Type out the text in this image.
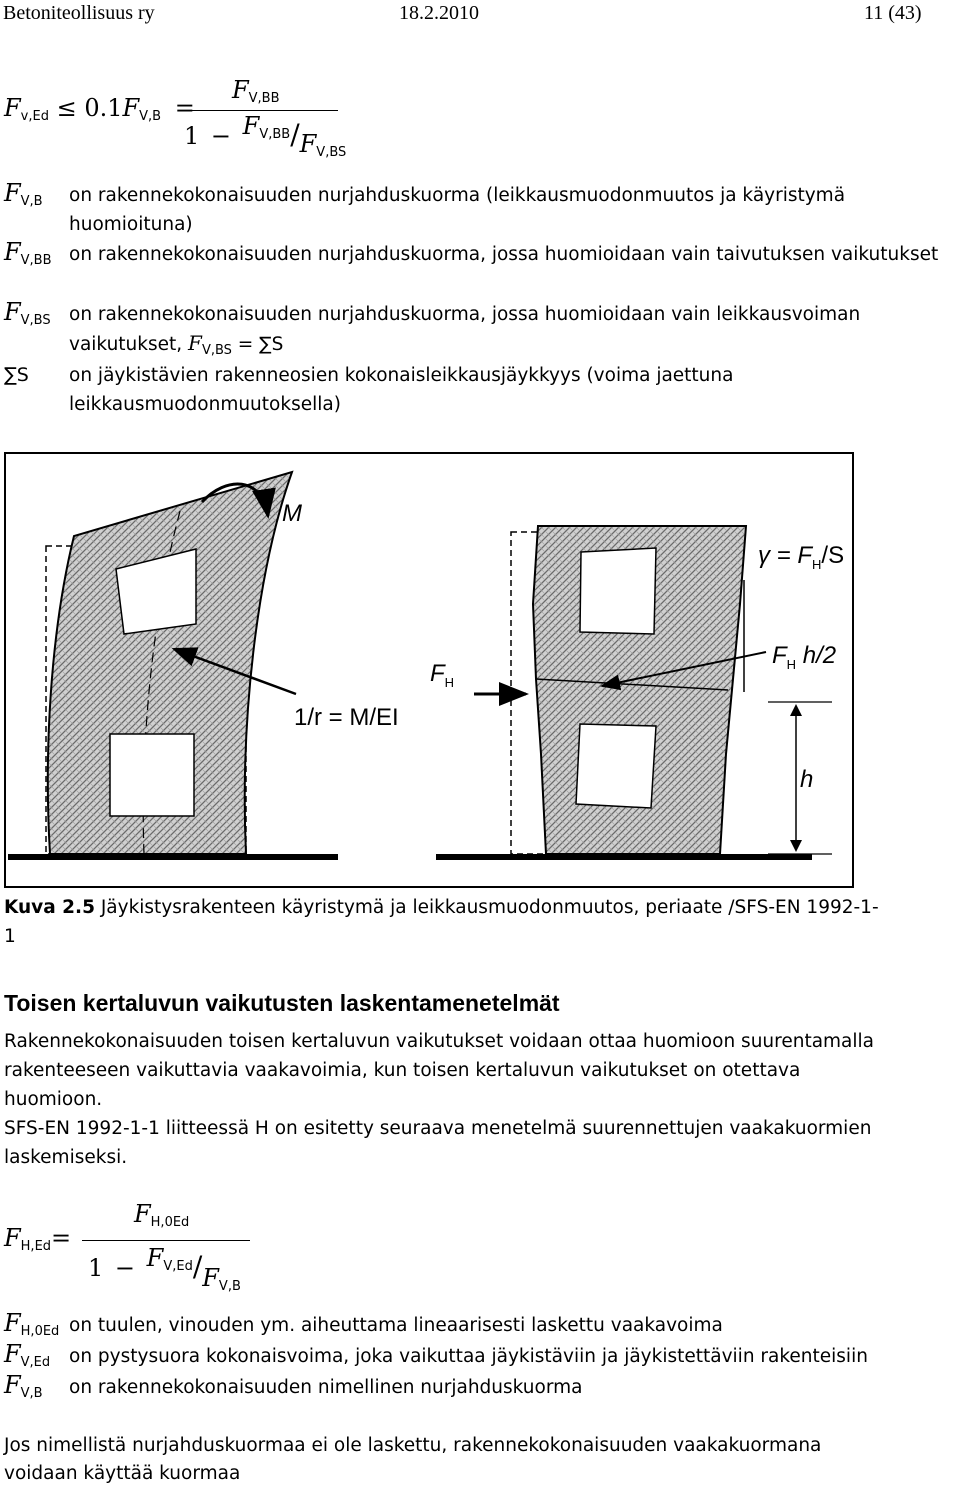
Betoniteollisuus ry	18.2.2010	11 (43)
$F_{v,Ed} \le 0.1F_{V,B}$ =
$F_{V,BB}$
$1 - F_{V,BB}/F_{V,BS}$
$F_{V,B}$ on rakennekokonaisuuden nurjahduskuorma (leikkausmuodonmuutos ja käyristymä huomioituna)
$F_{V,BB}$ on rakennekokonaisuuden nurjahduskuorma, jossa huomioidaan vain taivutuksen vaikutukset
$F_{V,BS}$ on rakennekokonaisuuden nurjahduskuorma, jossa huomioidaan vain leikkausvoiman
vaikutukset, $F_{V,BS} = \sum S$
∑S on jäykistävien rakenneosien kokonaisleikkausjäykkyys (voima jaettuna leikkausmuodonmuutoksella)
M
1/r = M/EI
$F_H$
$\gamma = F_H/S$
$F_H$ h/2
h
Kuva 2.5 Jäykistysrakenteen käyristymä ja leikkausmuodonmuutos, periaate /SFS-EN 1992-1-
1
Toisen kertaluvun vaikutusten laskentamenetelmät
Rakennekokonaisuuden toisen kertaluvun vaikutukset voidaan ottaa huomioon suurentamalla rakenteeseen vaikuttavia vaakavoimia, kun toisen kertaluvun vaikutukset on otettava huomioon.
SFS-EN 1992-1-1 liitteessä H on esitetty seuraava menetelmä suurennettujen vaakakuormien laskemiseksi.
$F_{H,Ed}=$
$F_{H,0Ed}$
$1 - F_{V,Ed}/F_{V,B}$
$F_{H,0Ed}$ on tuulen, vinouden ym. aiheuttama lineaarisesti laskettu vaakavoima
$F_{V,Ed}$ on pystysuora kokonaisvoima, joka vaikuttaa jäykistäviin ja jäykistettäviin rakenteisiin
$F_{V,B}$ on rakennekokonaisuuden nimellinen nurjahduskuorma
Jos nimellistä nurjahduskuormaa ei ole laskettu, rakennekokonaisuuden vaakakuormana
voidaan käyttää kuormaa
